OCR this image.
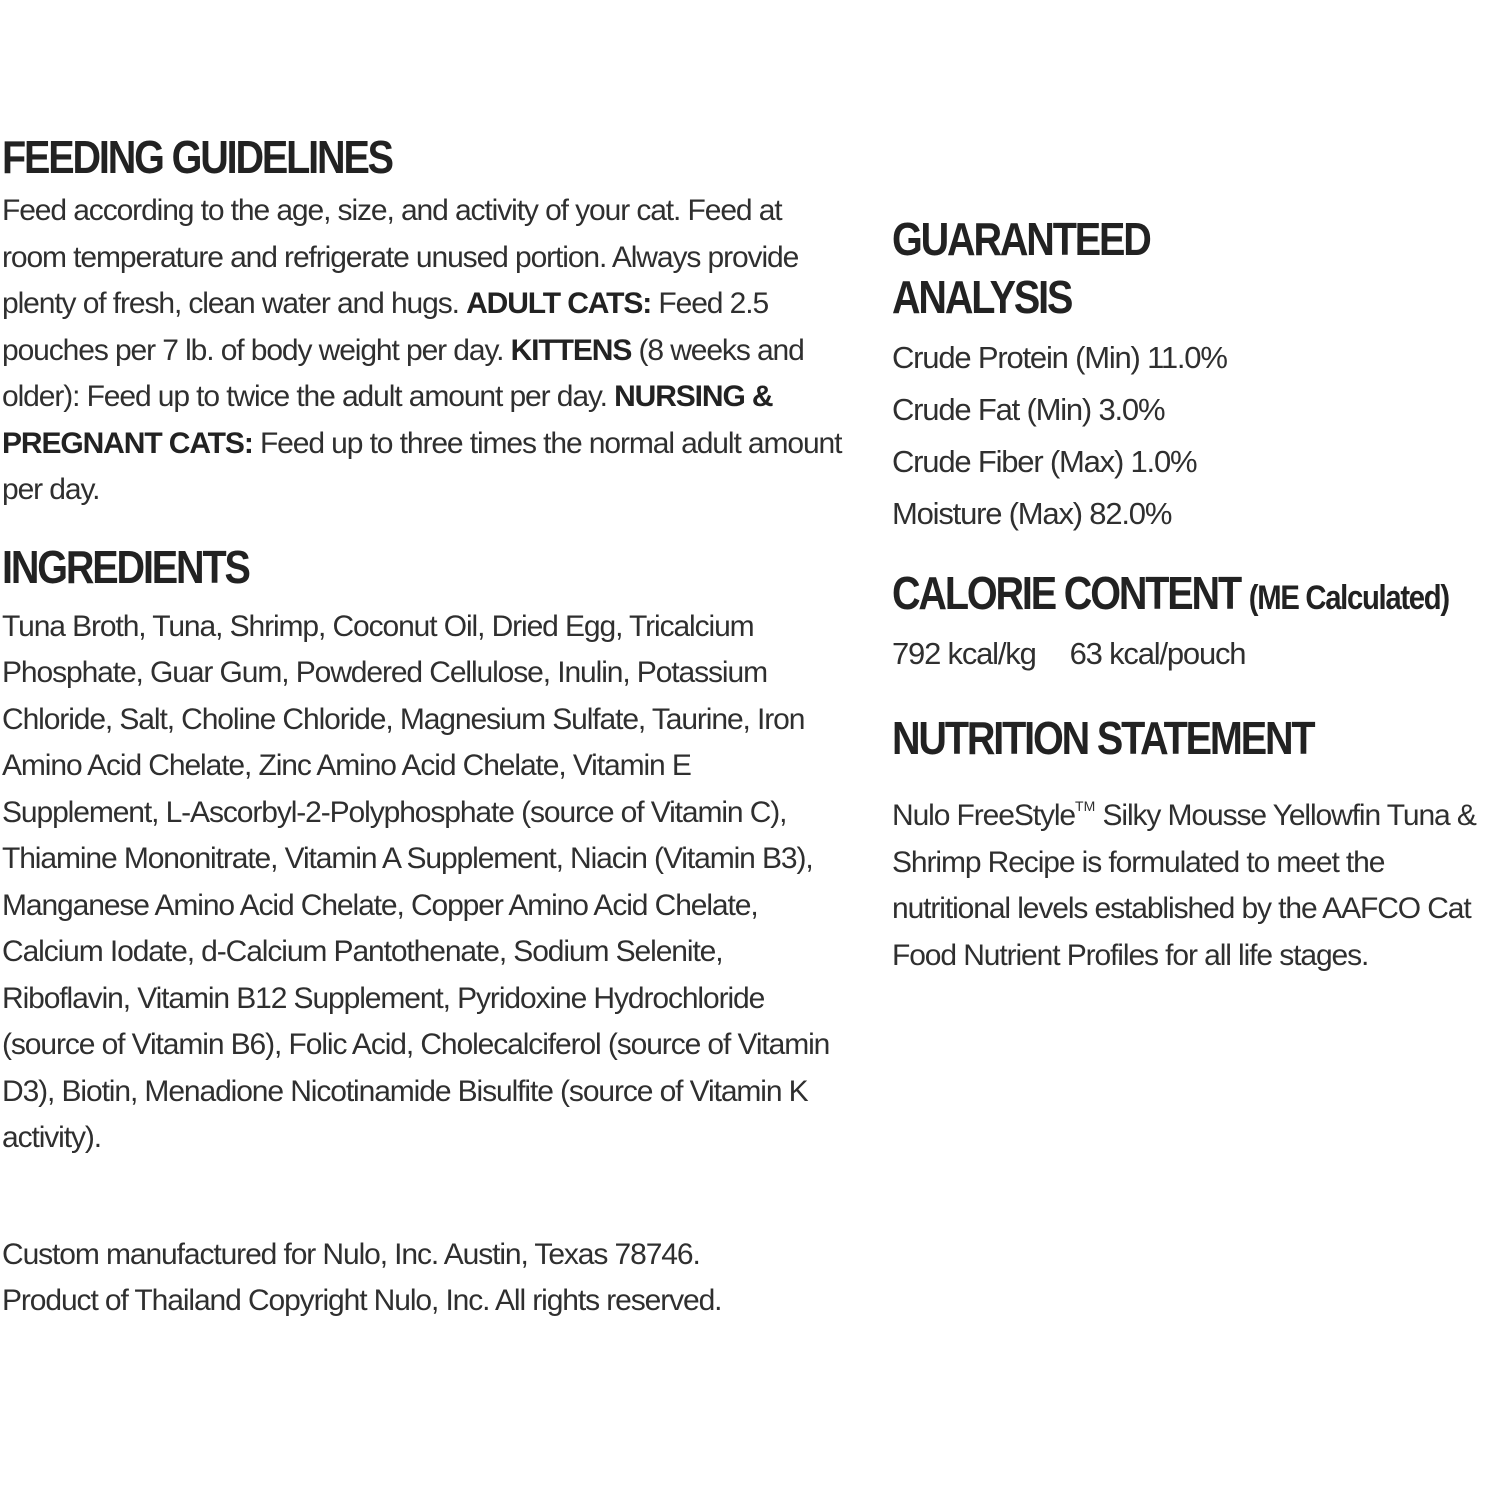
FEEDING GUIDELINES
Feed according to the age, size, and activity of your cat. Feed at room temperature and refrigerate unused portion. Always provide plenty of fresh, clean water and hugs. ADULT CATS: Feed 2.5 pouches per 7 lb. of body weight per day. KITTENS (8 weeks and older): Feed up to twice the adult amount per day. NURSING & PREGNANT CATS: Feed up to three times the normal adult amount per day.
INGREDIENTS
Tuna Broth, Tuna, Shrimp, Coconut Oil, Dried Egg, Tricalcium Phosphate, Guar Gum, Powdered Cellulose, Inulin, Potassium Chloride, Salt, Choline Chloride, Magnesium Sulfate, Taurine, Iron Amino Acid Chelate, Zinc Amino Acid Chelate, Vitamin E Supplement, L-Ascorbyl-2-Polyphosphate (source of Vitamin C), Thiamine Mononitrate, Vitamin A Supplement, Niacin (Vitamin B3), Manganese Amino Acid Chelate, Copper Amino Acid Chelate, Calcium Iodate, d-Calcium Pantothenate, Sodium Selenite, Riboflavin, Vitamin B12 Supplement, Pyridoxine Hydrochloride (source of Vitamin B6), Folic Acid, Cholecalciferol (source of Vitamin D3), Biotin, Menadione Nicotinamide Bisulfite (source of Vitamin K activity).
Custom manufactured for Nulo, Inc. Austin, Texas 78746.
Product of Thailand Copyright Nulo, Inc. All rights reserved.
GUARANTEED
ANALYSIS
Crude Protein (Min) 11.0%
Crude Fat (Min) 3.0%
Crude Fiber (Max) 1.0%
Moisture (Max) 82.0%
CALORIE CONTENT (ME Calculated)
792 kcal/kg 63 kcal/pouch
NUTRITION STATEMENT
Nulo FreeStyle™ Silky Mousse Yellowfin Tuna & Shrimp Recipe is formulated to meet the nutritional levels established by the AAFCO Cat Food Nutrient Profiles for all life stages.
